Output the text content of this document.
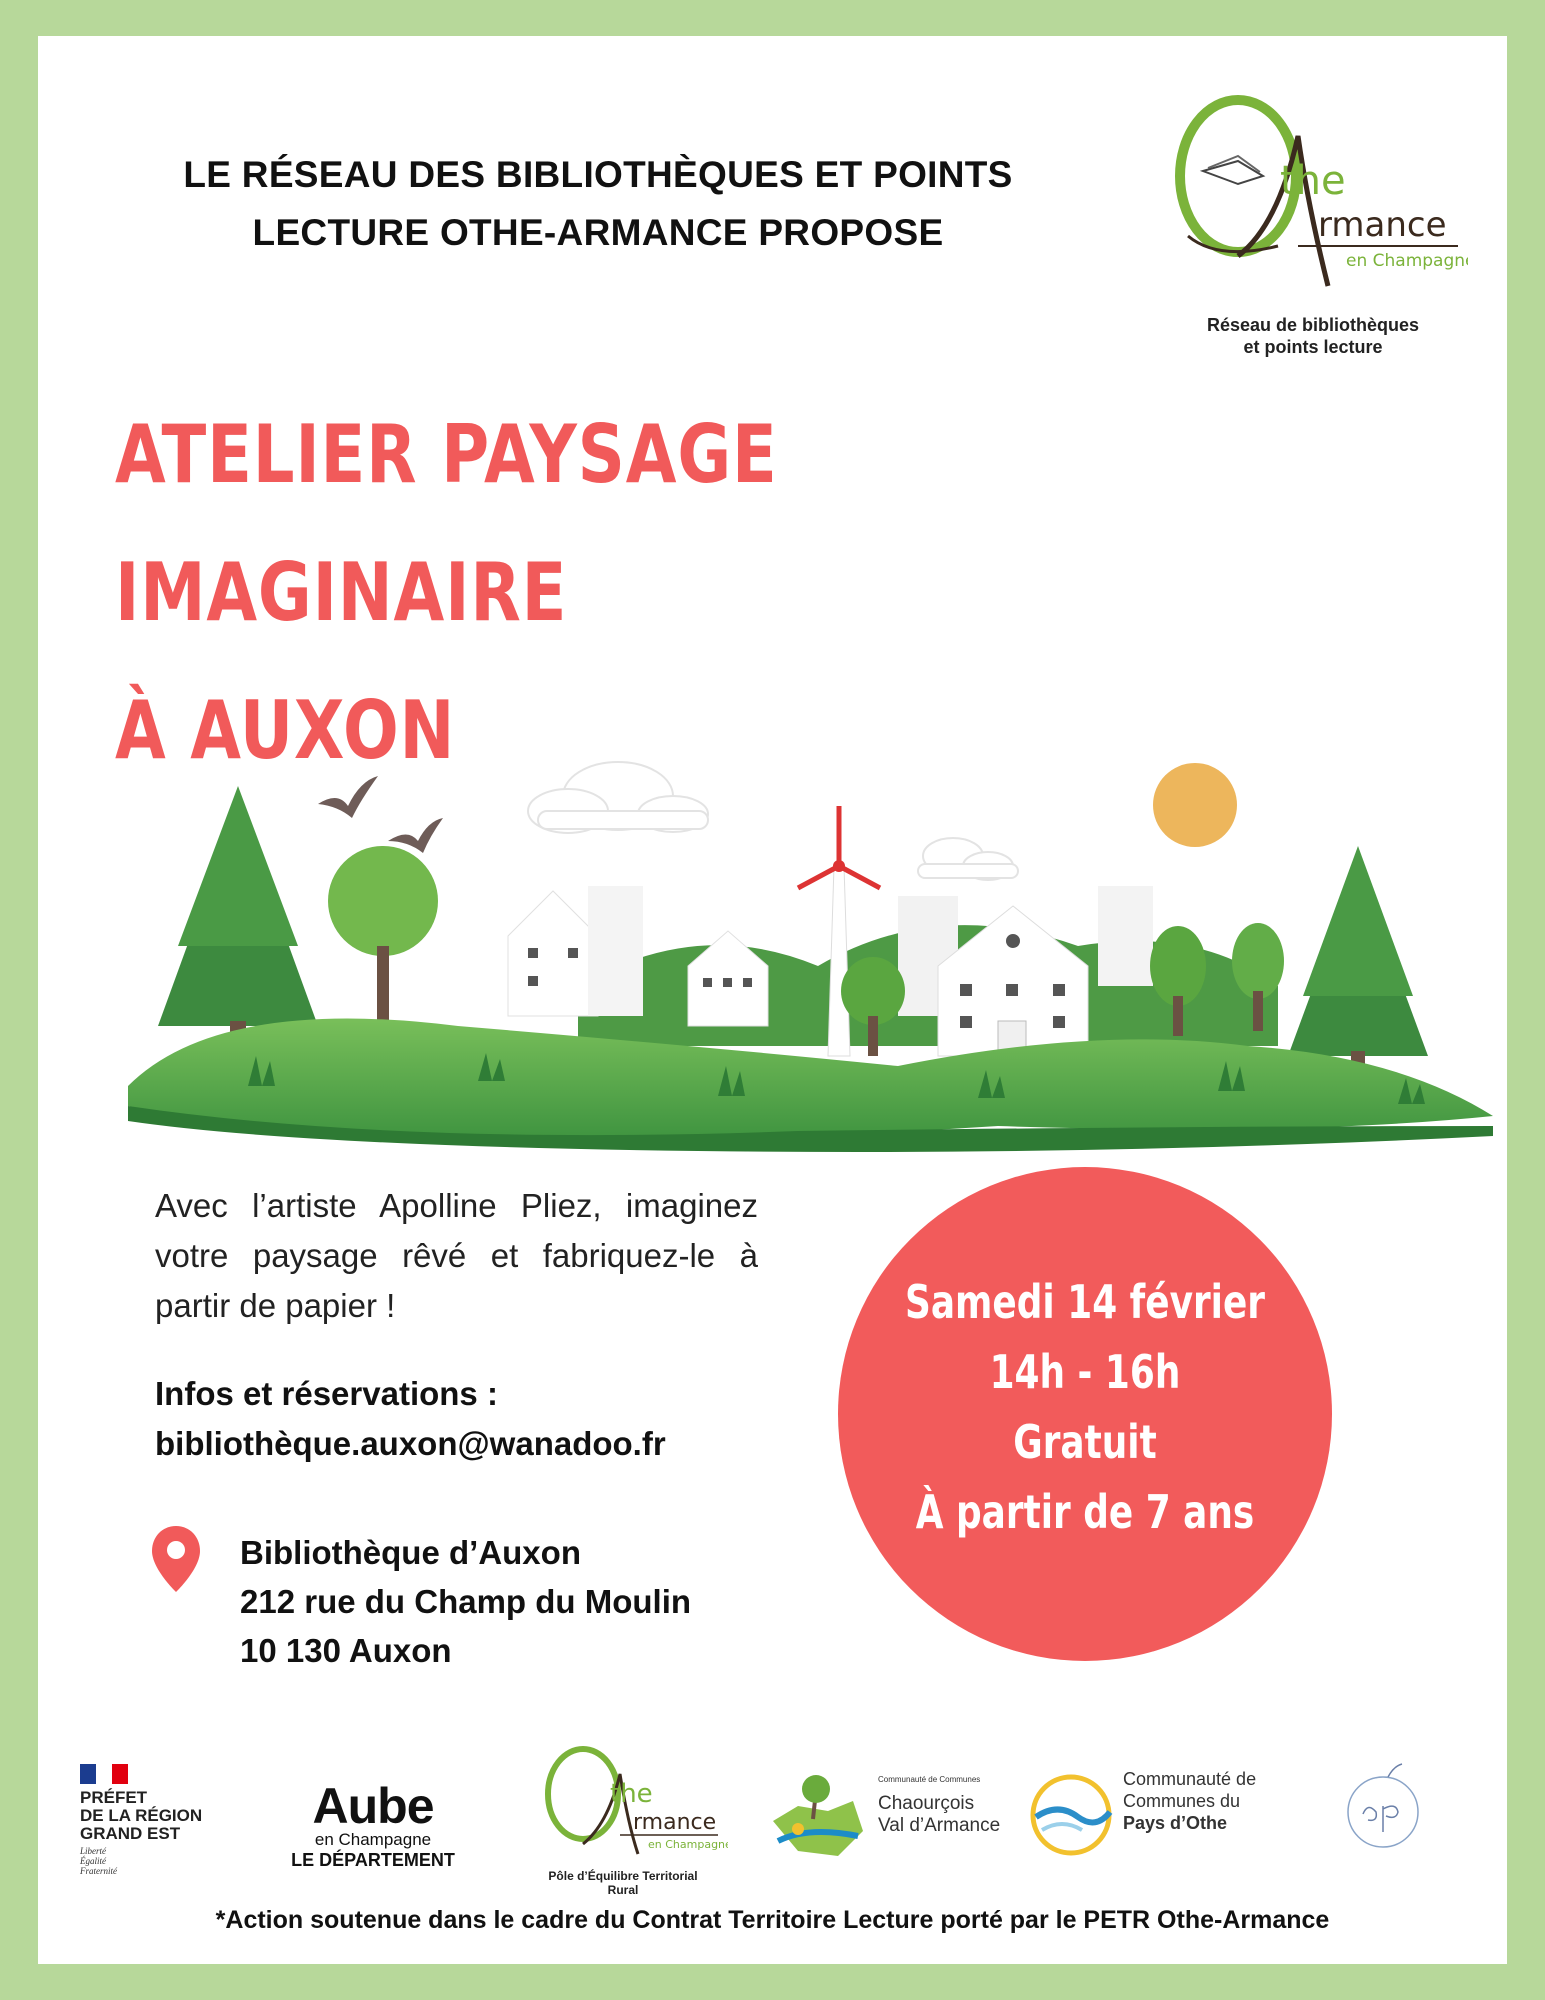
LE RÉSEAU DES BIBLIOTHÈQUES ET POINTS
LECTURE OTHE-ARMANCE PROPOSE
the
rmance
en Champagne
Réseau de bibliothèques
et points lecture
ATELIER PAYSAGE IMAGINAIRE
À AUXON
Avec l’artiste Apolline Pliez, imaginez votre paysage rêvé et fabriquez-le à partir de papier !
Infos et réservations :
bibliothèque.auxon@wanadoo.fr
Bibliothèque d’Auxon
212 rue du Champ du Moulin
10 130 Auxon
Samedi 14 février
14h - 16h
Gratuit
À partir de 7 ans
PRÉFET
DE LA RÉGION
GRAND EST
Liberté
Égalité
Fraternité
Aube
en Champagne
LE DÉPARTEMENT
the
rmance
en Champagne
Pôle d’Équilibre Territorial Rural
Communauté de Communes
Chaourçois
Val d’Armance
Communauté de
Communes du
Pays d’Othe
*Action soutenue dans le cadre du Contrat Territoire Lecture porté par le PETR Othe-Armance
